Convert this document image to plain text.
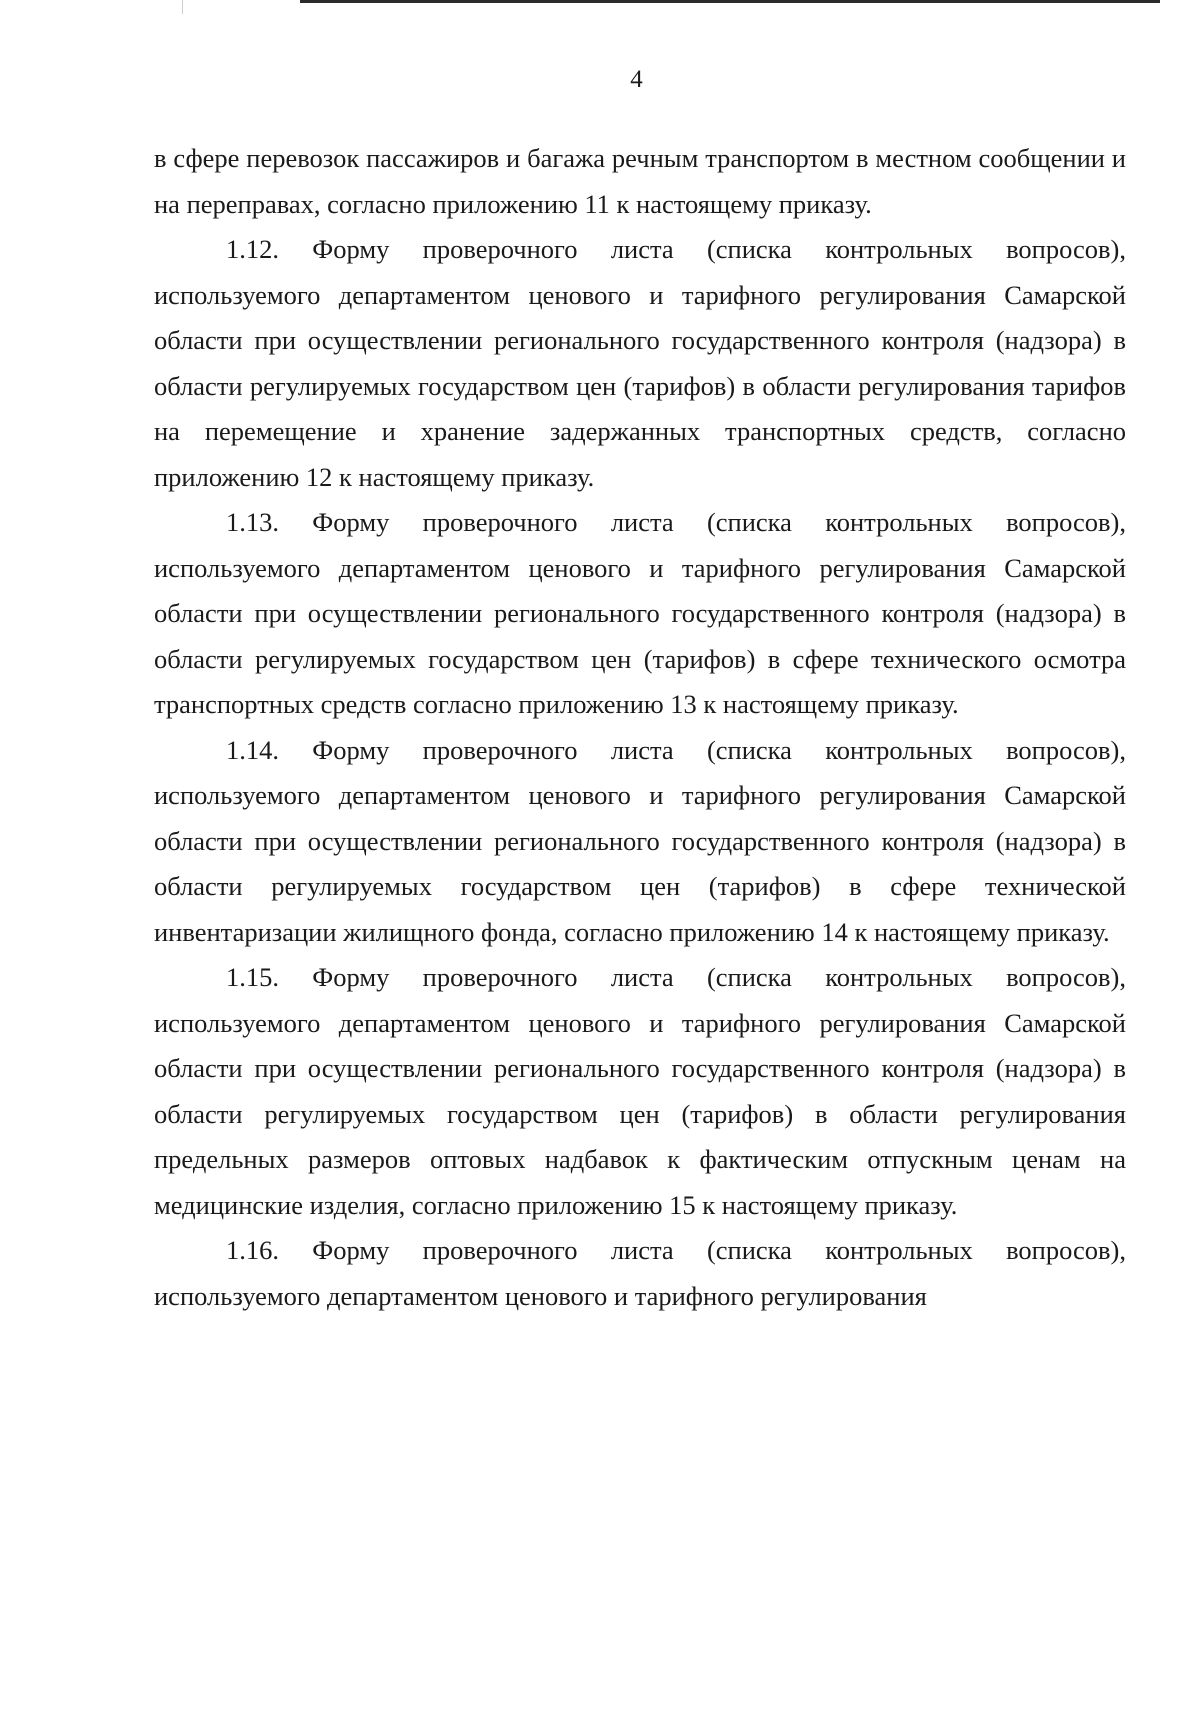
4

в сфере перевозок пассажиров и багажа речным транспортом в местном сообщении и на переправах, согласно приложению 11 к настоящему приказу.

1.12. Форму проверочного листа (списка контрольных вопросов), используемого департаментом ценового и тарифного регулирования Самарской области при осуществлении регионального государственного контроля (надзора) в области регулируемых государством цен (тарифов) в области регулирования тарифов на перемещение и хранение задержанных транспортных средств, согласно приложению 12 к настоящему приказу.

1.13. Форму проверочного листа (списка контрольных вопросов), используемого департаментом ценового и тарифного регулирования Самарской области при осуществлении регионального государственного контроля (надзора) в области регулируемых государством цен (тарифов) в сфере технического осмотра транспортных средств согласно приложению 13 к настоящему приказу.

1.14. Форму проверочного листа (списка контрольных вопросов), используемого департаментом ценового и тарифного регулирования Самарской области при осуществлении регионального государственного контроля (надзора) в области регулируемых государством цен (тарифов) в сфере технической инвентаризации жилищного фонда, согласно приложению 14 к настоящему приказу.

1.15. Форму проверочного листа (списка контрольных вопросов), используемого департаментом ценового и тарифного регулирования Самарской области при осуществлении регионального государственного контроля (надзора) в области регулируемых государством цен (тарифов) в области регулирования предельных размеров оптовых надбавок к фактическим отпускным ценам на медицинские изделия, согласно приложению 15 к настоящему приказу.

1.16. Форму проверочного листа (списка контрольных вопросов), используемого департаментом ценового и тарифного регулирования
